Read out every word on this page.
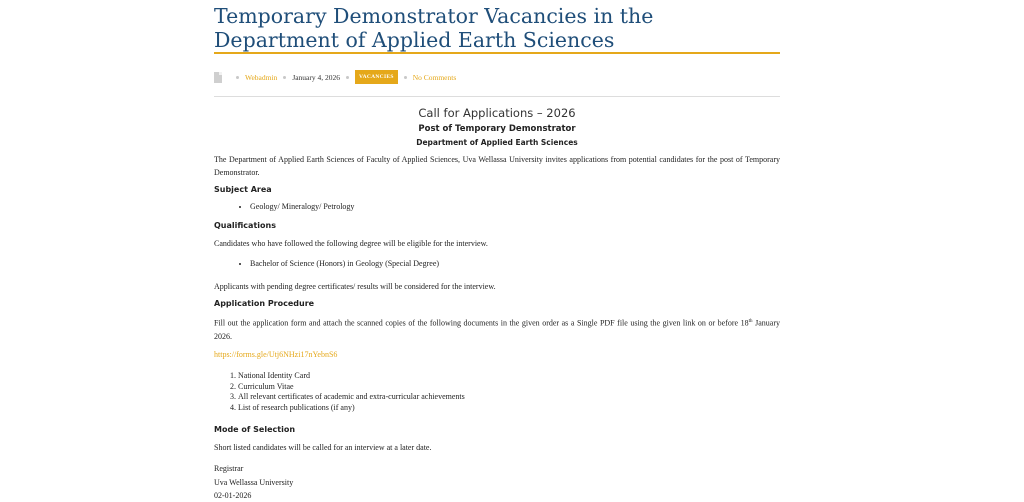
Temporary Demonstrator Vacancies in the Department of Applied Earth Sciences
Webadmin January 4, 2026	VACANCIES	No Comments
Call for Applications – 2026
Post of Temporary Demonstrator
Department of Applied Earth Sciences
The Department of Applied Earth Sciences of Faculty of Applied Sciences, Uva Wellassa University invites applications from potential candidates for the post of Temporary Demonstrator.
Subject Area
• Geology/ Mineralogy/ Petrology
Qualifications
Candidates who have followed the following degree will be eligible for the interview.
• Bachelor of Science (Honors) in Geology (Special Degree)
Applicants with pending degree certificates/ results will be considered for the interview.
Application Procedure
Fill out the application form and attach the scanned copies of the following documents in the given order as a Single PDF file using the given link on or before 18th January 2026.
https://forms.gle/Utj6NHzi17nYebnS6
1. National Identity Card
2. Curriculum Vitae
3. All relevant certificates of academic and extra-curricular achievements
4. List of research publications (if any)
Mode of Selection
Short listed candidates will be called for an interview at a later date.
Registrar
Uva Wellassa University
02-01-2026
